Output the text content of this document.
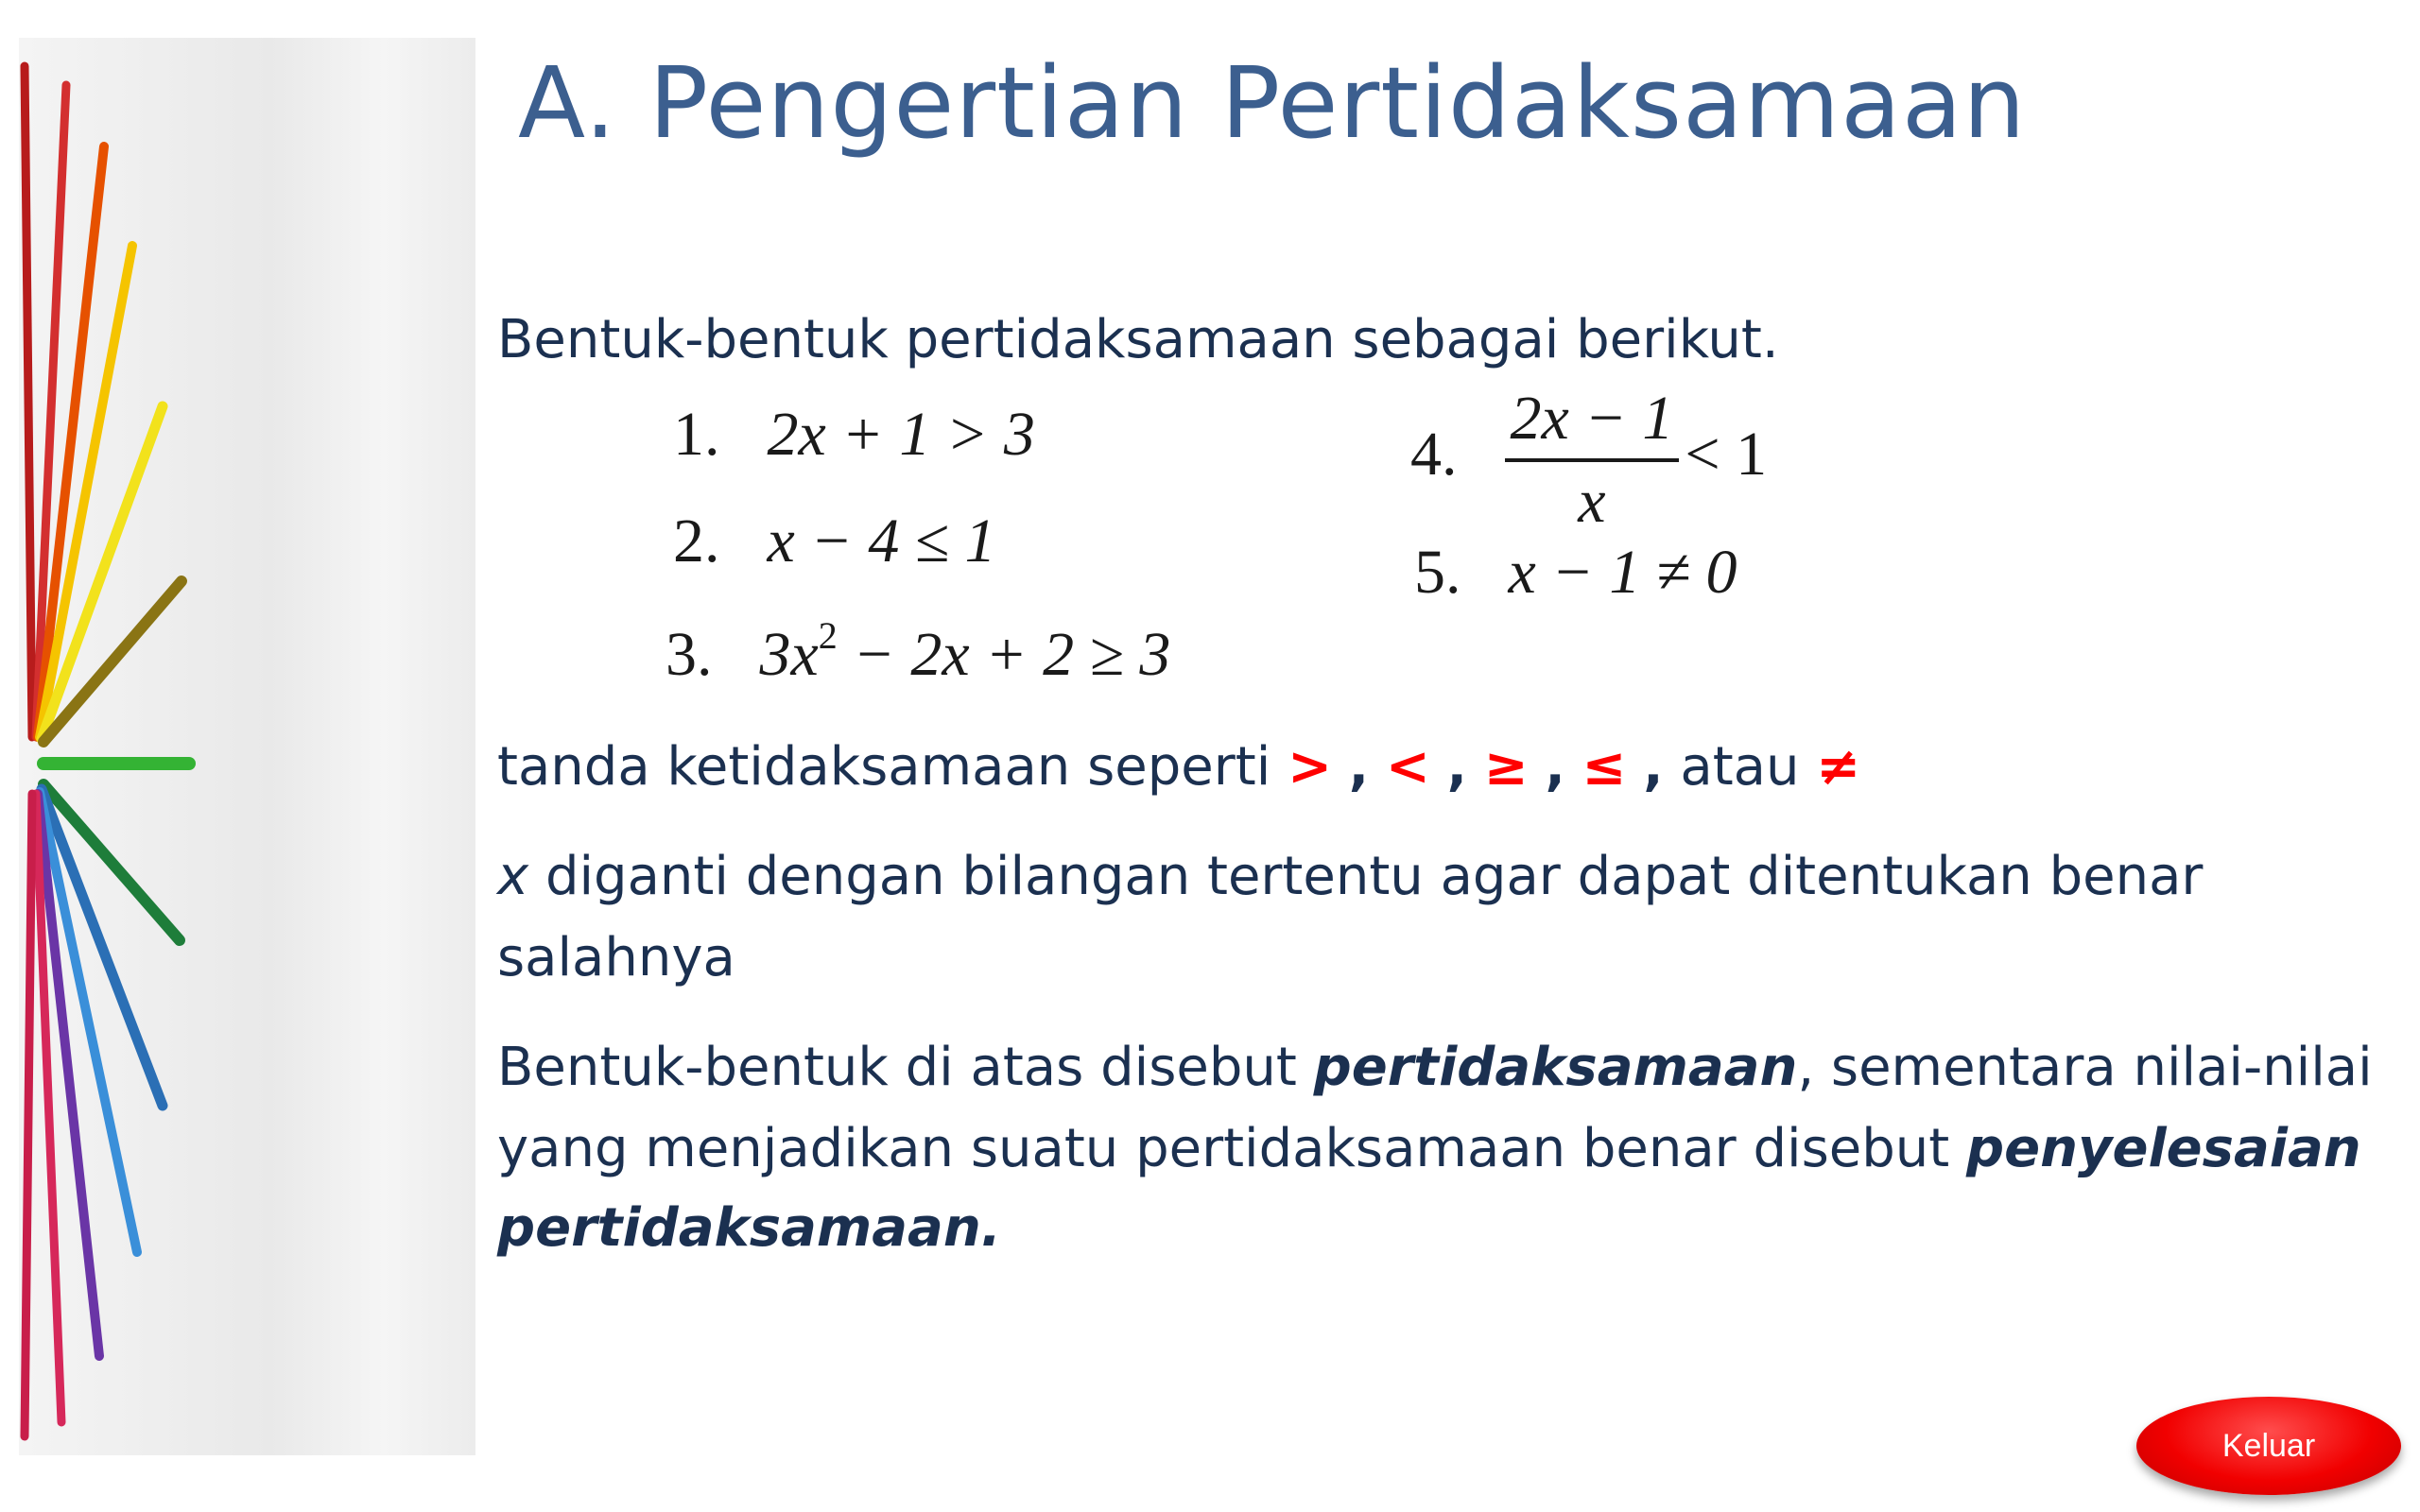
A. Pengertian Pertidaksamaan
Bentuk-bentuk pertidaksamaan sebagai berikut.
1. 2x + 1 > 3
2. x − 4 ≤ 1
3. $3x^2 - 2x + 2 \ge 3$
4. $\frac{2x - 1}{x} < 1$
5. x − 1 ≠ 0
tanda ketidaksamaan seperti > , < , ≥ , ≤ , atau ≠
x diganti dengan bilangan tertentu agar dapat ditentukan benar
salahnya
Bentuk-bentuk di atas disebut pertidaksamaan, sementara nilai-nilai
yang menjadikan suatu pertidaksamaan benar disebut penyelesaian
pertidaksamaan.
Keluar
